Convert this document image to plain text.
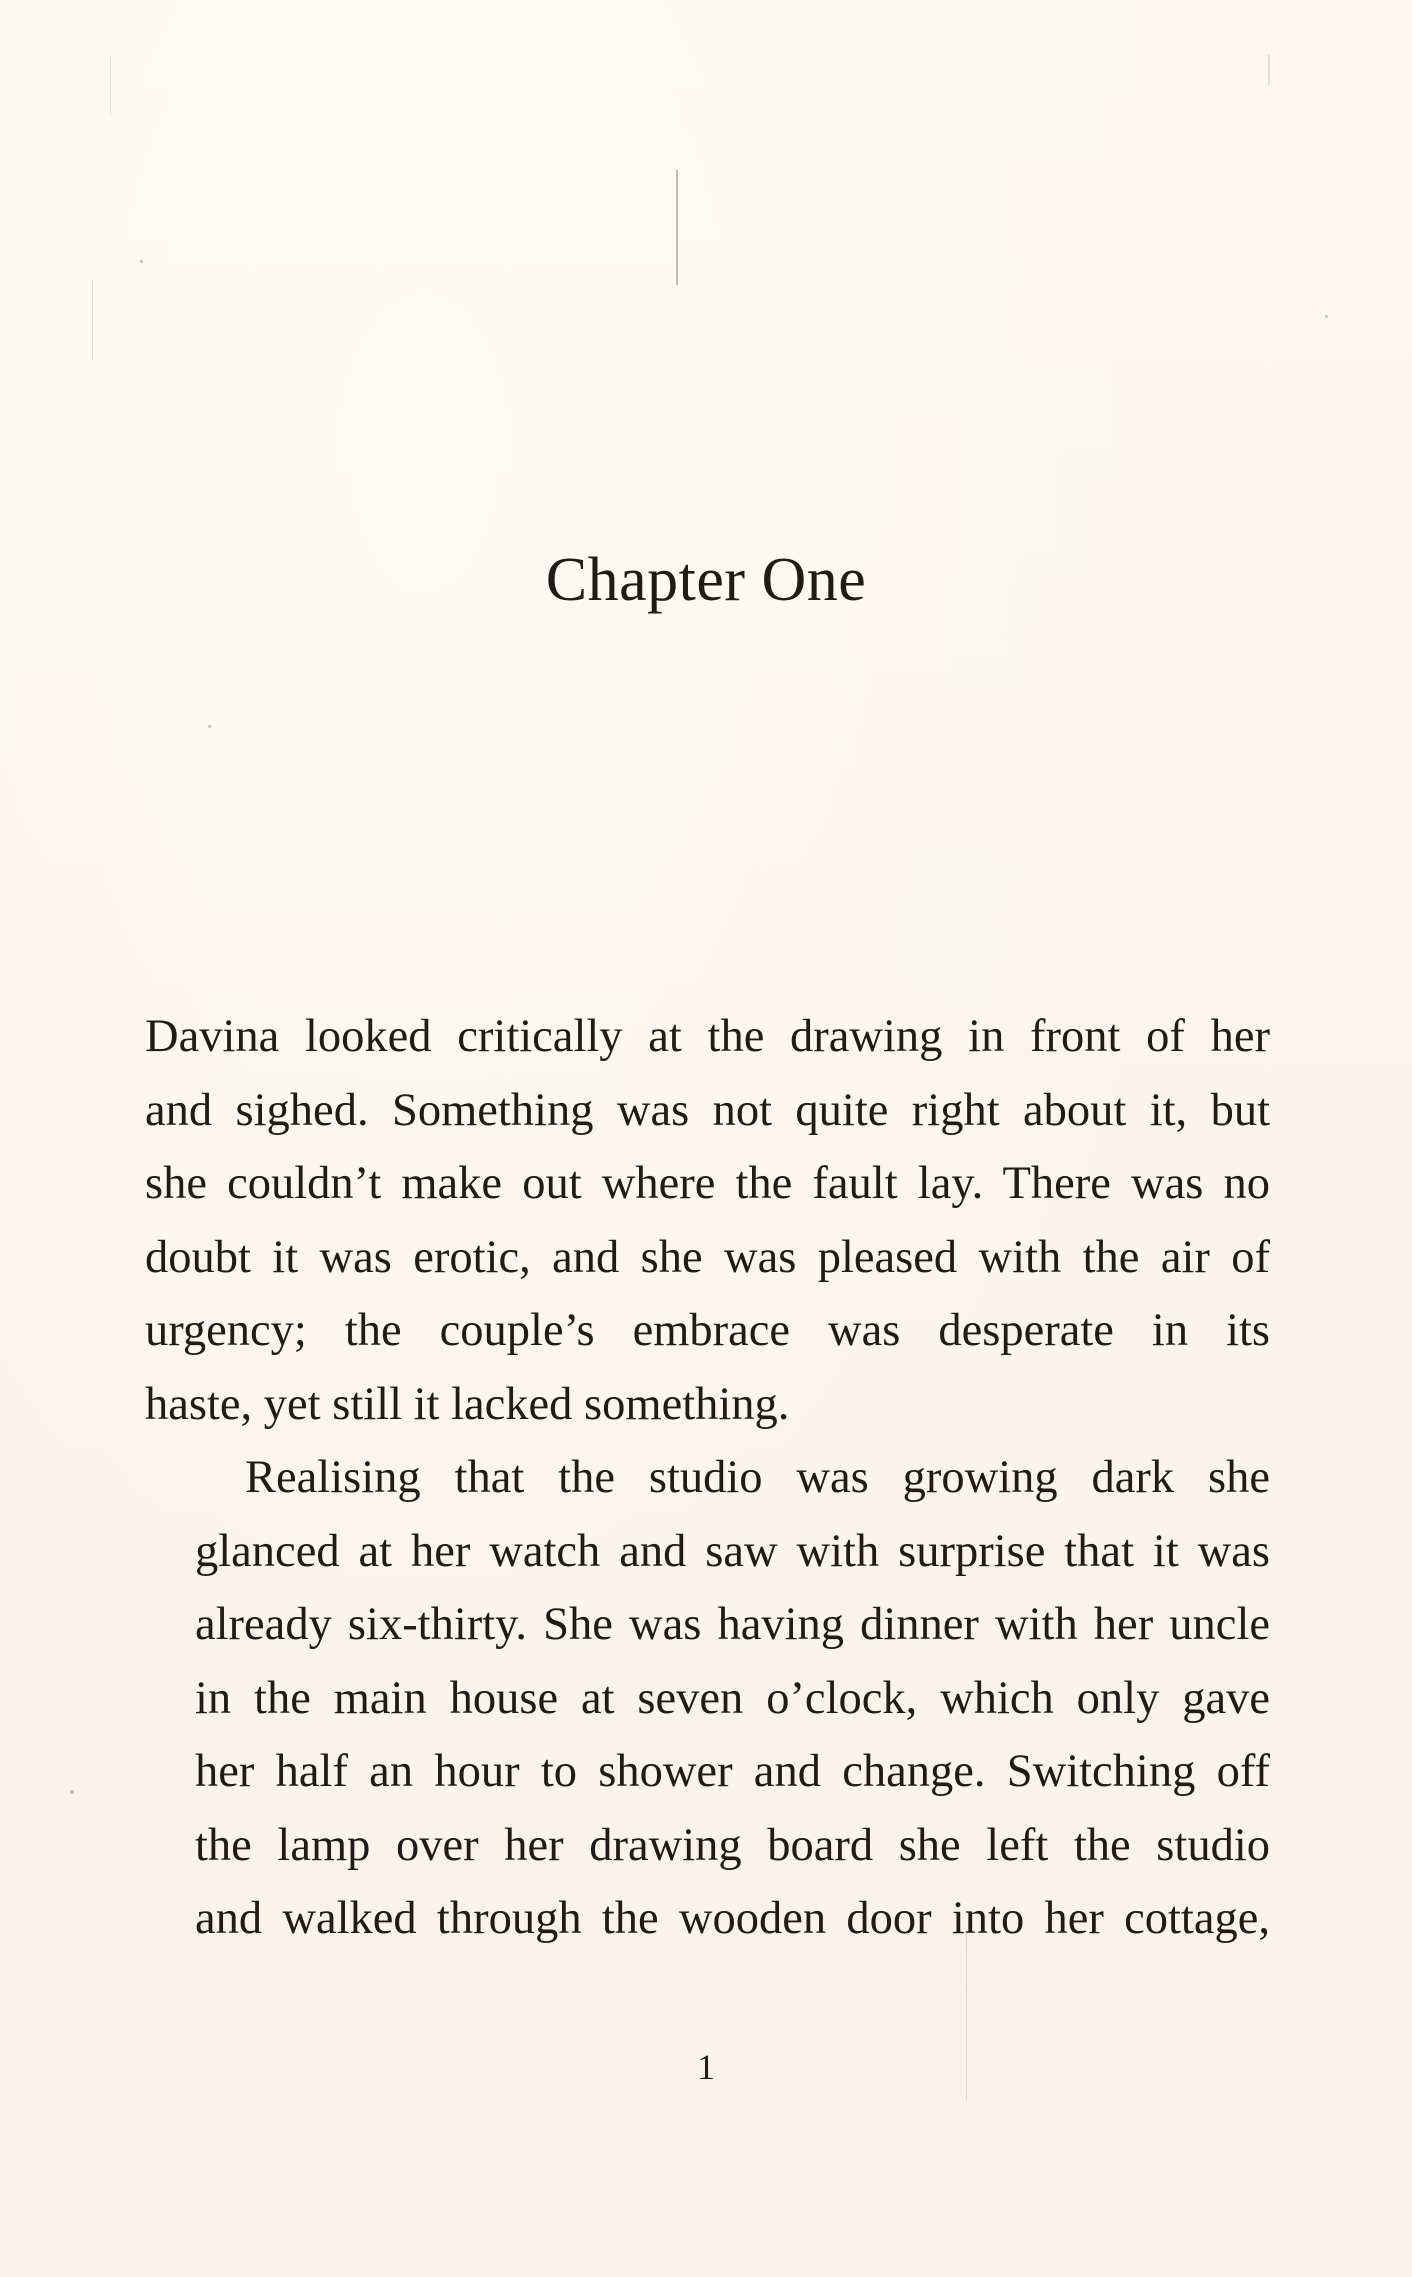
Chapter One

Davina looked critically at the drawing in front of her
and sighed. Something was not quite right about it, but
she couldn’t make out where the fault lay. There was no
doubt it was erotic, and she was pleased with the air of
urgency; the couple’s embrace was desperate in its
haste, yet still it lacked something.

Realising that the studio was growing dark she
glanced at her watch and saw with surprise that it was
already six-thirty. She was having dinner with her uncle
in the main house at seven o’clock, which only gave
her half an hour to shower and change. Switching off
the lamp over her drawing board she left the studio
and walked through the wooden door into her cottage,

1
